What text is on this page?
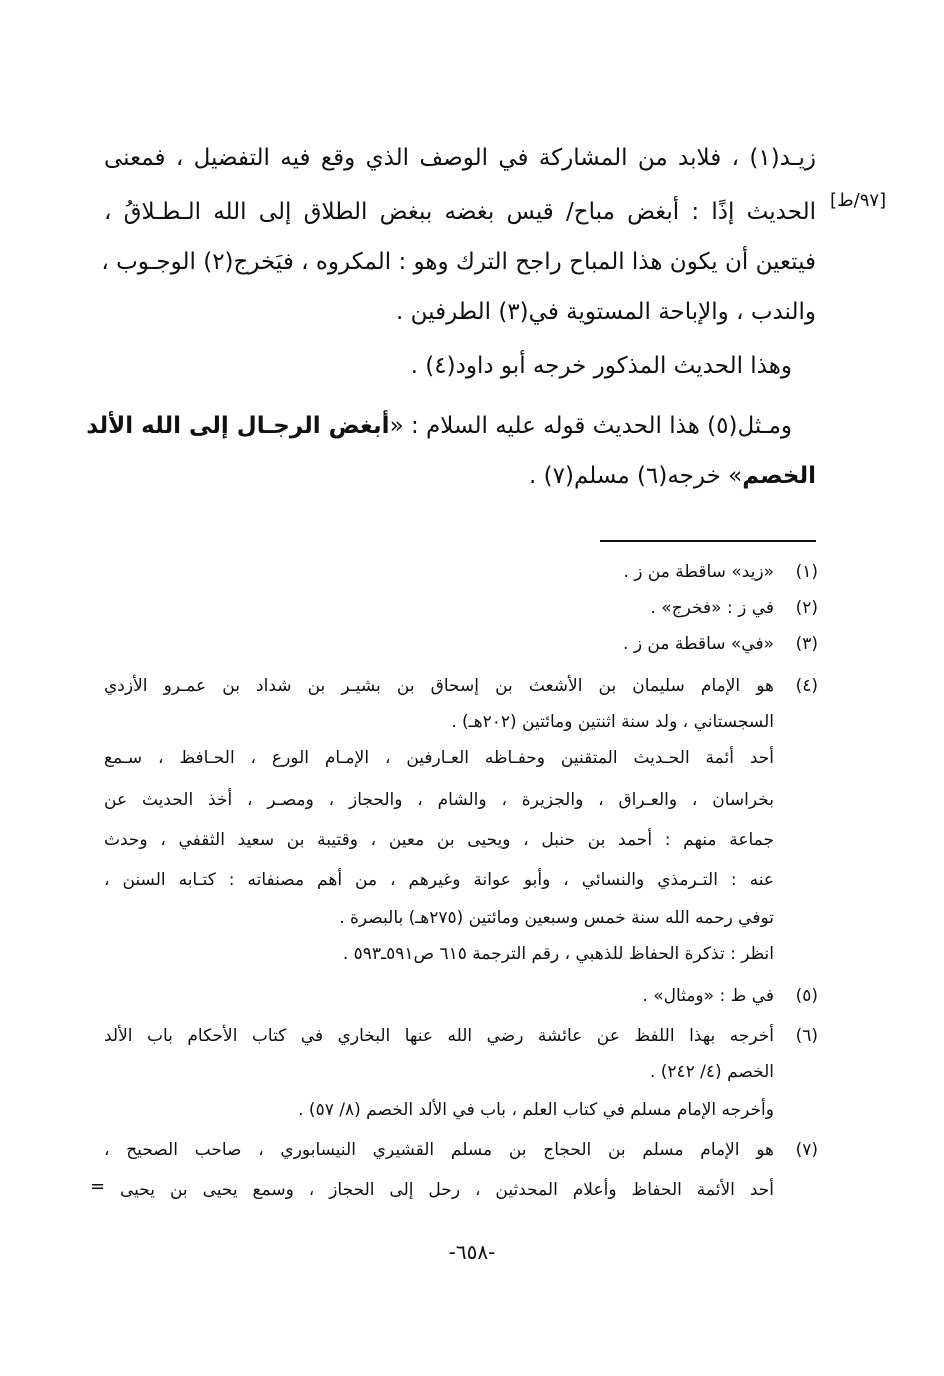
[٩٧/ط]
زيـد(١) ، فلابد من المشاركة في الوصف الذي وقع فيه التفضيل ، فمعنى
الحديث إذًا : أبغض مباح/ قيس بغضه ببغض الطلاق إلى الله الـطـلاقُ ،
فيتعين أن يكون هذا المباح راجح الترك وهو : المكروه ، فيَخرج(٢) الوجـوب ،
والندب ، والإباحة المستوية في(٣) الطرفين .
وهذا الحديث المذكور خرجه أبو داود(٤) .
ومـثل(٥) هذا الحديث قوله عليه السلام : «أبغض الرجـال إلى الله الألد
الخصم» خرجه(٦) مسلم(٧) .
(١)
«زيد» ساقطة من ز .
(٢)
في ز : «فخرج» .
(٣)
«في» ساقطة من ز .
(٤)
هو الإمام سليمان بن الأشعث بن إسحاق بن بشيـر بن شداد بن عمـرو الأزدي
السجستاني ، ولد سنة اثنتين ومائتين (٢٠٢هـ) .
أحد أئمة الحـديث المتقنين وحفـاظه العـارفين ، الإمـام الورع ، الحـافظ ، سـمع
بخراسان ، والعـراق ، والجزيرة ، والشام ، والحجاز ، ومصـر ، أخذ الحديث عن
جماعة منهم : أحمد بن حنبل ، ويحيى بن معين ، وقتيبة بن سعيد الثقفي ، وحدث
عنه : التـرمذي والنسائي ، وأبو عوانة وغيرهم ، من أهم مصنفاته : كتـابه السنن ،
توفي رحمه الله سنة خمس وسبعين ومائتين (٢٧٥هـ) بالبصرة .
انظر : تذكرة الحفاظ للذهبي ، رقم الترجمة ٦١٥ ص٥٩١ـ٥٩٣ .
(٥)
في ط : «ومثال» .
(٦)
أخرجه بهذا اللفظ عن عائشة رضي الله عنها البخاري في كتاب الأحكام باب الألد
الخصم (٤/ ٢٤٢) .
وأخرجه الإمام مسلم في كتاب العلم ، باب في الألد الخصم (٨/ ٥٧) .
(٧)
هو الإمام مسلم بن الحجاج بن مسلم القشيري النيسابوري ، صاحب الصحيح ،
أحد الأئمة الحفاظ وأعلام المحدثين ، رحل إلى الحجاز ، وسمع يحيى بن يحيى
=
-٦٥٨-
